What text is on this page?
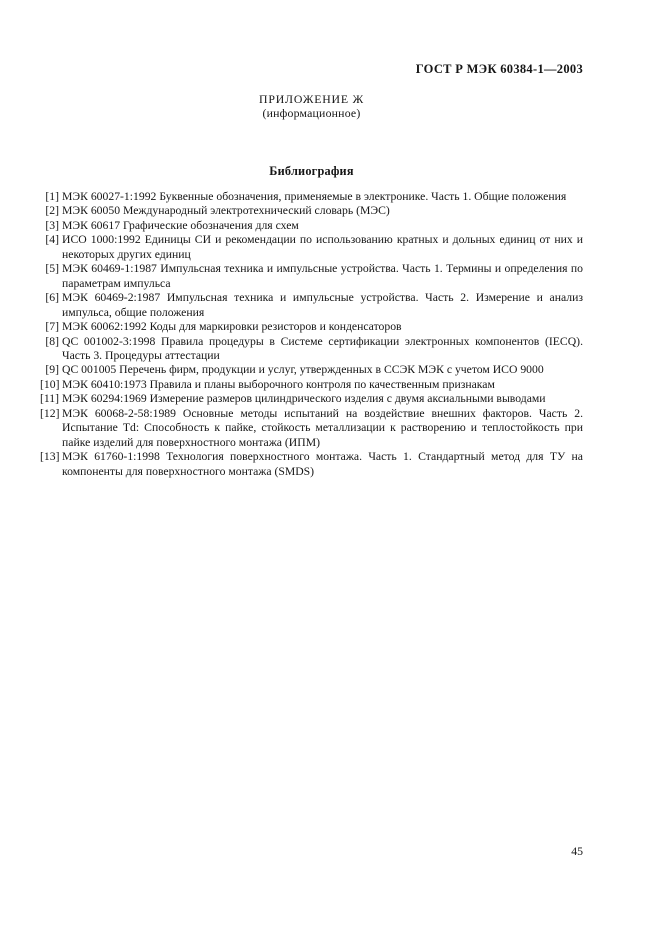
ГОСТ Р МЭК 60384-1—2003
ПРИЛОЖЕНИЕ Ж
(информационное)
Библиография
[1] МЭК 60027-1:1992 Буквенные обозначения, применяемые в электронике. Часть 1. Общие положения
[2] МЭК 60050 Международный электротехнический словарь (МЭС)
[3] МЭК 60617 Графические обозначения для схем
[4] ИСО 1000:1992 Единицы СИ и рекомендации по использованию кратных и дольных единиц от них и некоторых других единиц
[5] МЭК 60469-1:1987 Импульсная техника и импульсные устройства. Часть 1. Термины и определения по параметрам импульса
[6] МЭК 60469-2:1987 Импульсная техника и импульсные устройства. Часть 2. Измерение и анализ импульса, общие положения
[7] МЭК 60062:1992 Коды для маркировки резисторов и конденсаторов
[8] QC 001002-3:1998 Правила процедуры в Системе сертификации электронных компонентов (IECQ). Часть 3. Процедуры аттестации
[9] QC 001005 Перечень фирм, продукции и услуг, утвержденных в ССЭК МЭК с учетом ИСО 9000
[10] МЭК 60410:1973 Правила и планы выборочного контроля по качественным признакам
[11] МЭК 60294:1969 Измерение размеров цилиндрического изделия с двумя аксиальными выводами
[12] МЭК 60068-2-58:1989 Основные методы испытаний на воздействие внешних факторов. Часть 2. Испытание Td: Способность к пайке, стойкость металлизации к растворению и теплостойкость при пайке изделий для поверхностного монтажа (ИПМ)
[13] МЭК 61760-1:1998 Технология поверхностного монтажа. Часть 1. Стандартный метод для ТУ на компоненты для поверхностного монтажа (SMDS)
45
